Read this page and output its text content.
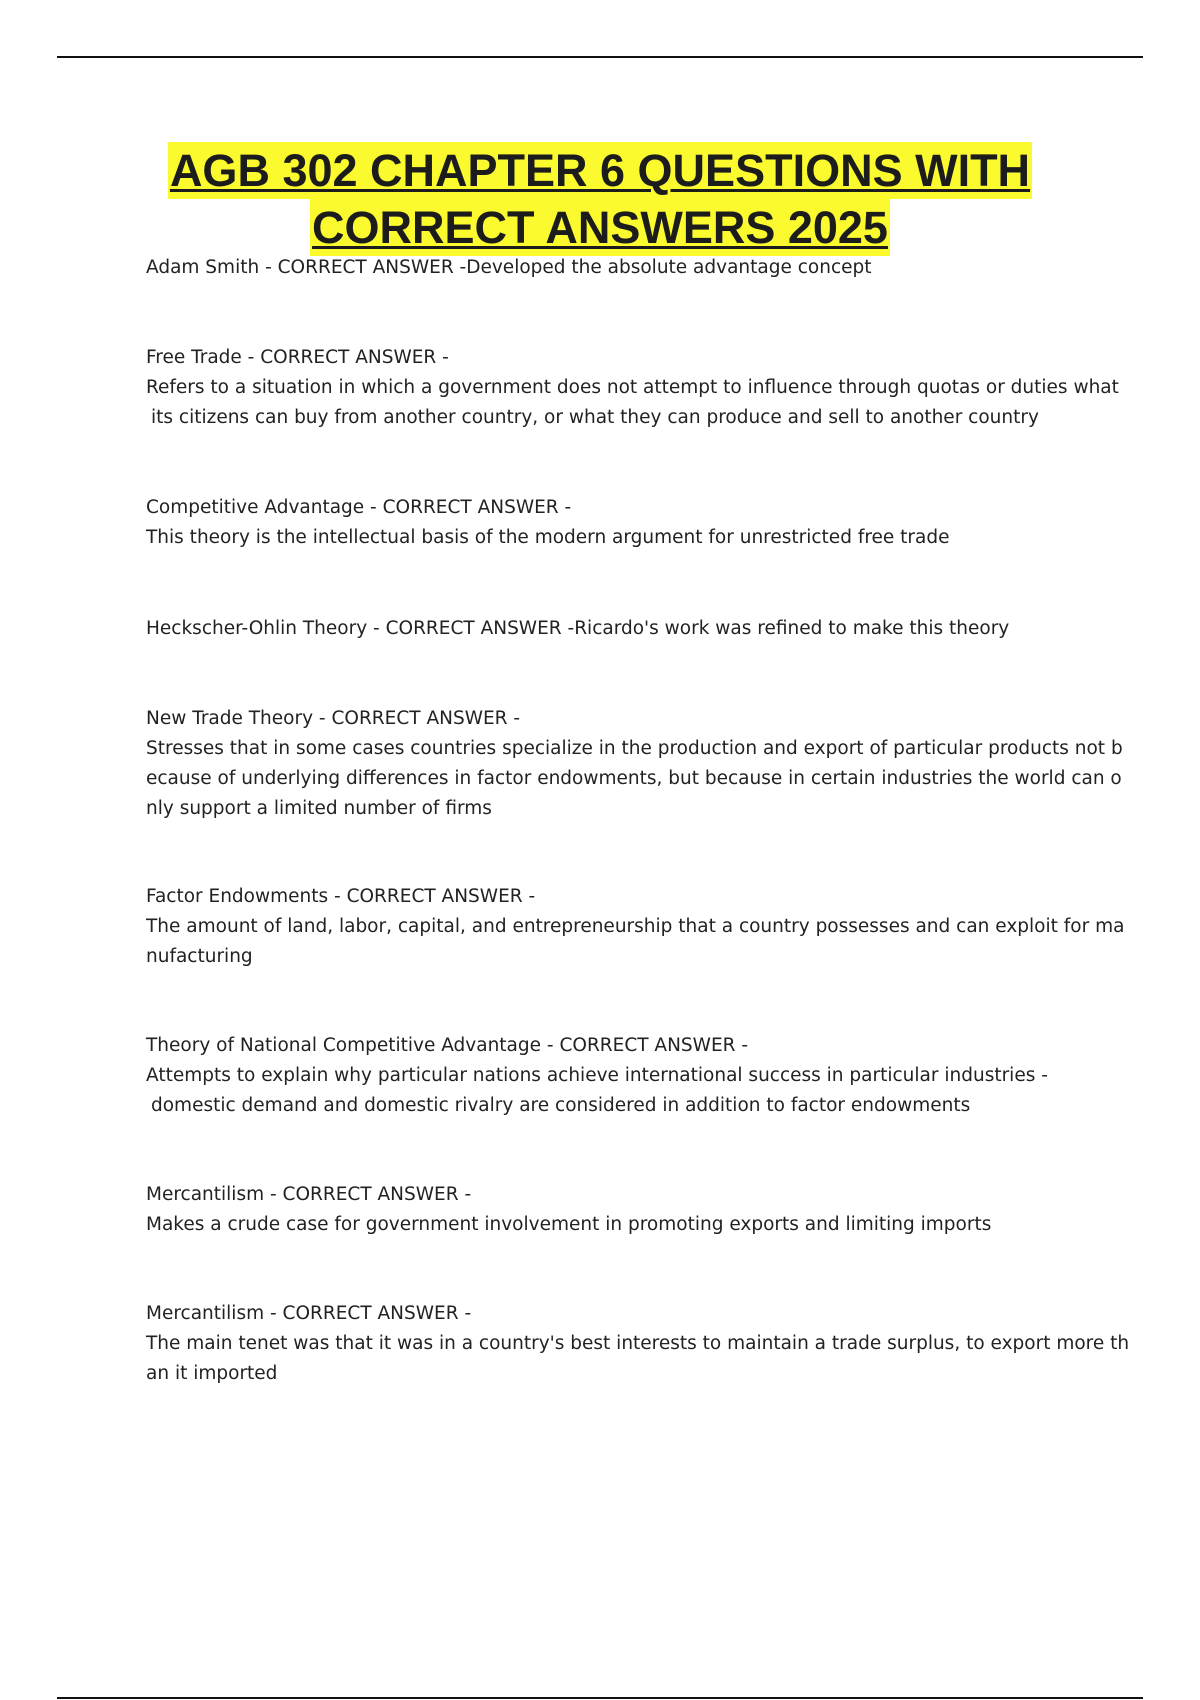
AGB 302 CHAPTER 6 QUESTIONS WITH
CORRECT ANSWERS 2025
Adam Smith - CORRECT ANSWER -Developed the absolute advantage concept
Free Trade - CORRECT ANSWER -
Refers to a situation in which a government does not attempt to influence through quotas or duties what
its citizens can buy from another country, or what they can produce and sell to another country
Competitive Advantage - CORRECT ANSWER -
This theory is the intellectual basis of the modern argument for unrestricted free trade
Heckscher-Ohlin Theory - CORRECT ANSWER -Ricardo's work was refined to make this theory
New Trade Theory - CORRECT ANSWER -
Stresses that in some cases countries specialize in the production and export of particular products not b
ecause of underlying differences in factor endowments, but because in certain industries the world can o
nly support a limited number of firms
Factor Endowments - CORRECT ANSWER -
The amount of land, labor, capital, and entrepreneurship that a country possesses and can exploit for ma
nufacturing
Theory of National Competitive Advantage - CORRECT ANSWER -
Attempts to explain why particular nations achieve international success in particular industries -
domestic demand and domestic rivalry are considered in addition to factor endowments
Mercantilism - CORRECT ANSWER -
Makes a crude case for government involvement in promoting exports and limiting imports
Mercantilism - CORRECT ANSWER -
The main tenet was that it was in a country's best interests to maintain a trade surplus, to export more th
an it imported
